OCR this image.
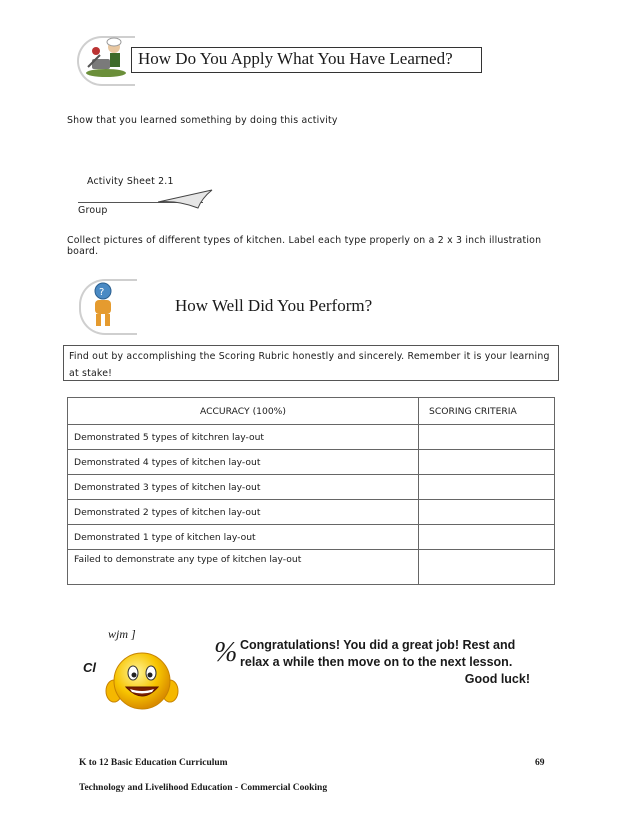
How Do You Apply What You Have Learned?
Show that you learned something by doing this activity
Activity Sheet 2.1
Group
Collect pictures of different types of kitchen. Label each type properly on a 2 x 3 inch illustration board.
?
How Well Did You Perform?
Find out by accomplishing the Scoring Rubric honestly and sincerely. Remember it is your learning at stake!
ACCURACY (100%)	SCORING CRITERIA
Demonstrated 5 types of kitchren lay-out	
Demonstrated 4 types of kitchen lay-out	
Demonstrated 3 types of kitchen lay-out	
Demonstrated 2 types of kitchen lay-out	
Demonstrated 1 type of kitchen lay-out	
Failed to demonstrate any type of kitchen lay-out	
wjm ]
Cl	% Congratulations! You did a great job! Rest and
relax a while then move on to the next lesson.
Good luck!
K to 12 Basic Education Curriculum	69
Technology and Livelihood Education - Commercial Cooking
